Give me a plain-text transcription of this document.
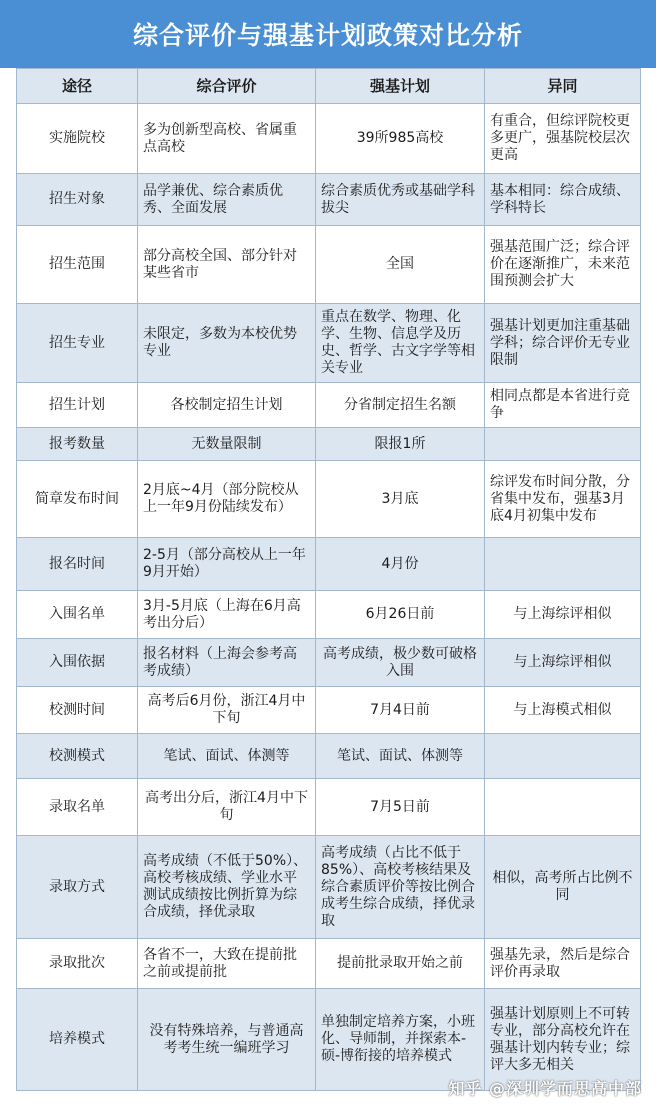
综合评价与强基计划政策对比分析
途径	综合评价	强基计划	异同
实施院校	多为创新型高校、省属重点高校	39所985高校	有重合，但综评院校更多更广，强基院校层次更高
招生对象	品学兼优、综合素质优秀、全面发展	综合素质优秀或基础学科拔尖	基本相同：综合成绩、学科特长
招生范围	部分高校全国、部分针对某些省市	全国	强基范围广泛；综合评价在逐渐推广，未来范围预测会扩大
招生专业	未限定，多数为本校优势专业	重点在数学、物理、化学、生物、信息学及历史、哲学、古文字学等相关专业	强基计划更加注重基础学科；综合评价无专业限制
招生计划	各校制定招生计划	分省制定招生名额	相同点都是本省进行竞争
报考数量	无数量限制	限报1所	
简章发布时间	2月底~4月（部分院校从上一年9月份陆续发布）	3月底	综评发布时间分散，分省集中发布，强基3月底4月初集中发布
报名时间	2-5月（部分高校从上一年9月开始）	4月份	
入围名单	3月-5月底（上海在6月高考出分后）	6月26日前	与上海综评相似
入围依据	报名材料（上海会参考高考成绩）	高考成绩，极少数可破格入围	与上海综评相似
校测时间	高考后6月份，浙江4月中下旬	7月4日前	与上海模式相似
校测模式	笔试、面试、体测等	笔试、面试、体测等	
录取名单	高考出分后，浙江4月中下旬	7月5日前	
录取方式	高考成绩（不低于50%）、高校考核成绩、学业水平测试成绩按比例折算为综合成绩，择优录取	高考成绩（占比不低于85%）、高校考核结果及综合素质评价等按比例合成考生综合成绩，择优录取	相似，高考所占比例不同
录取批次	各省不一，大致在提前批之前或提前批	提前批录取开始之前	强基先录，然后是综合评价再录取
培养模式	没有特殊培养，与普通高考考生统一编班学习	单独制定培养方案，小班化、导师制，并探索本-硕-博衔接的培养模式	强基计划原则上不可转专业，部分高校允许在强基计划内转专业；综评大多无相关
知乎 @深圳学而思高中部
